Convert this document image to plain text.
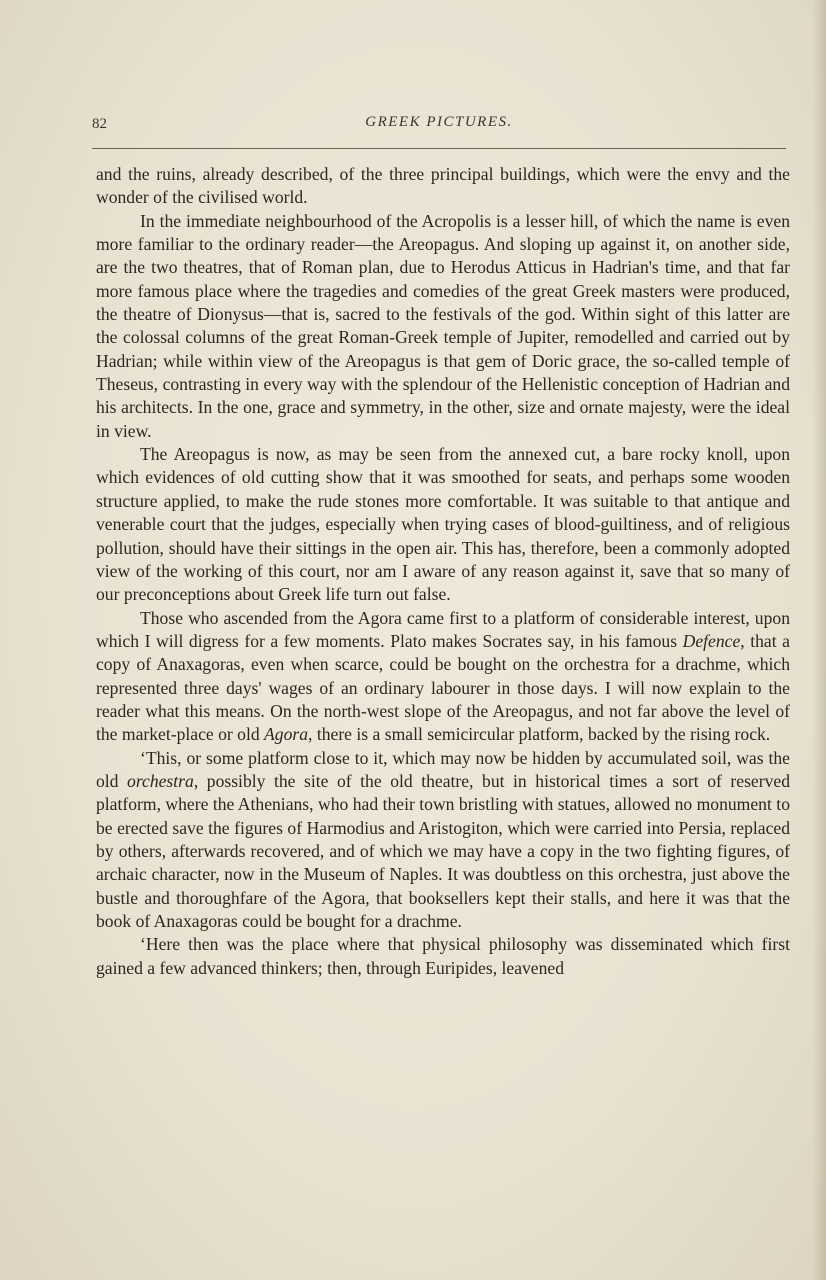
82	GREEK PICTURES.

and the ruins, already described, of the three principal buildings, which were the envy and the wonder of the civilised world.

In the immediate neighbourhood of the Acropolis is a lesser hill, of which the name is even more familiar to the ordinary reader—the Areopagus. And sloping up against it, on another side, are the two theatres, that of Roman plan, due to Herodus Atticus in Hadrian's time, and that far more famous place where the tragedies and comedies of the great Greek masters were produced, the theatre of Dionysus—that is, sacred to the festivals of the god. Within sight of this latter are the colossal columns of the great Roman-Greek temple of Jupiter, remodelled and carried out by Hadrian; while within view of the Areopagus is that gem of Doric grace, the so-called temple of Theseus, contrasting in every way with the splendour of the Hellenistic conception of Hadrian and his architects. In the one, grace and symmetry, in the other, size and ornate majesty, were the ideal in view.

The Areopagus is now, as may be seen from the annexed cut, a bare rocky knoll, upon which evidences of old cutting show that it was smoothed for seats, and perhaps some wooden structure applied, to make the rude stones more comfortable. It was suitable to that antique and venerable court that the judges, especially when trying cases of blood-guiltiness, and of religious pollution, should have their sittings in the open air. This has, therefore, been a commonly adopted view of the working of this court, nor am I aware of any reason against it, save that so many of our preconceptions about Greek life turn out false.

Those who ascended from the Agora came first to a platform of considerable interest, upon which I will digress for a few moments. Plato makes Socrates say, in his famous Defence, that a copy of Anaxagoras, even when scarce, could be bought on the orchestra for a drachme, which represented three days' wages of an ordinary labourer in those days. I will now explain to the reader what this means. On the north-west slope of the Areopagus, and not far above the level of the market-place or old Agora, there is a small semicircular platform, backed by the rising rock.

‘This, or some platform close to it, which may now be hidden by accumulated soil, was the old orchestra, possibly the site of the old theatre, but in historical times a sort of reserved platform, where the Athenians, who had their town bristling with statues, allowed no monument to be erected save the figures of Harmodius and Aristogiton, which were carried into Persia, replaced by others, afterwards recovered, and of which we may have a copy in the two fighting figures, of archaic character, now in the Museum of Naples. It was doubtless on this orchestra, just above the bustle and thoroughfare of the Agora, that booksellers kept their stalls, and here it was that the book of Anaxagoras could be bought for a drachme.

‘Here then was the place where that physical philosophy was disseminated which first gained a few advanced thinkers; then, through Euripides, leavened
